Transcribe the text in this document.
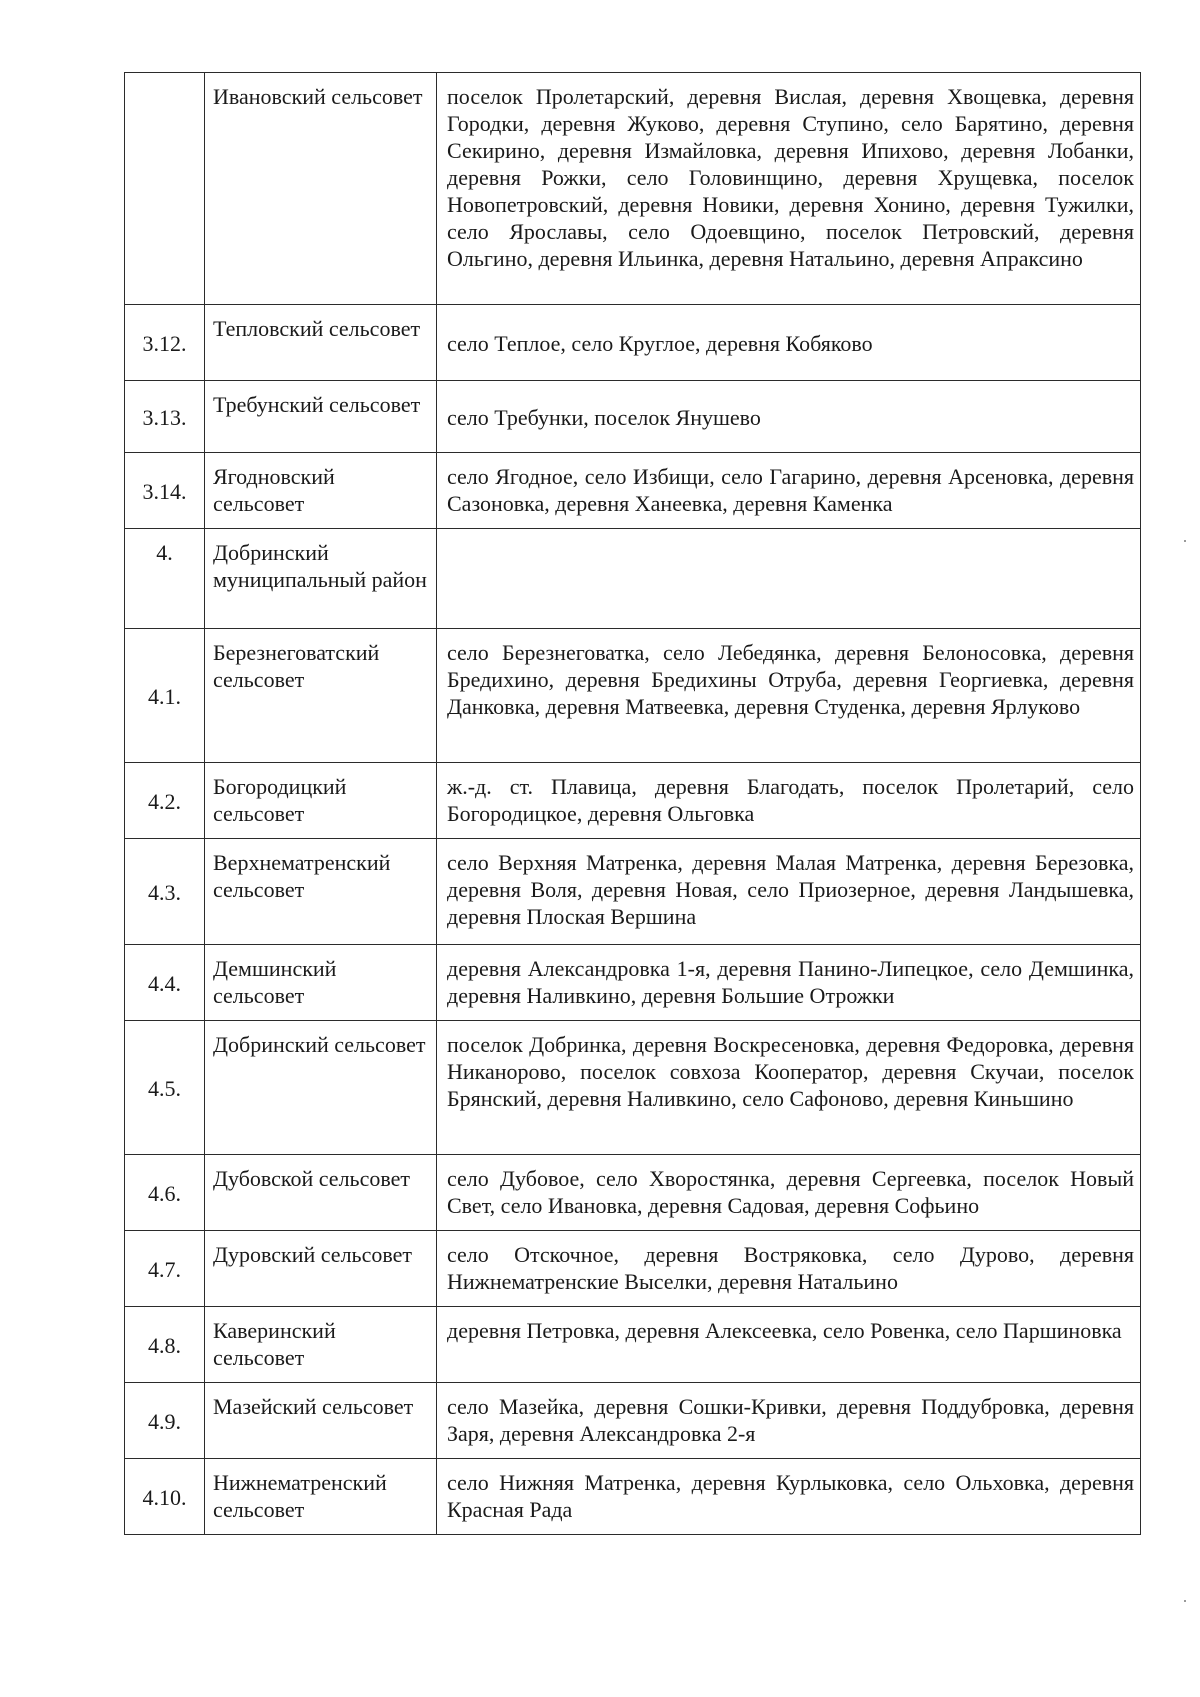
	Ивановский сельсовет	поселок Пролетарский, деревня Вислая, деревня Хвощевка, деревня Городки, деревня Жуково, деревня Ступино, село Барятино, деревня Секирино, деревня Измайловка, деревня Ипихово, деревня Лобанки, деревня Рожки, село Головинщино, деревня Хрущевка, поселок Новопетровский, деревня Новики, деревня Хонино, деревня Тужилки, село Ярославы, село Одоевщино, поселок Петровский, деревня Ольгино, деревня Ильинка, деревня Натальино, деревня Апраксино
3.12.	Тепловский сельсовет	село Теплое, село Круглое, деревня Кобяково
3.13.	Требунский сельсовет	село Требунки, поселок Янушево
3.14.	Ягодновский сельсовет	село Ягодное, село Избищи, село Гагарино, деревня Арсеновка, деревня Сазоновка, деревня Ханеевка, деревня Каменка
4.	Добринский муниципальный район	
4.1.	Березнеговатский сельсовет	село Березнеговатка, село Лебедянка, деревня Белоносовка, деревня Бредихино, деревня Бредихины Отруба, деревня Георгиевка, деревня Данковка, деревня Матвеевка, деревня Студенка, деревня Ярлуково
4.2.	Богородицкий сельсовет	ж.-д. ст. Плавица, деревня Благодать, поселок Пролетарий, село Богородицкое, деревня Ольговка
4.3.	Верхнематренский сельсовет	село Верхняя Матренка, деревня Малая Матренка, деревня Березовка, деревня Воля, деревня Новая, село Приозерное, деревня Ландышевка, деревня Плоская Вершина
4.4.	Демшинский сельсовет	деревня Александровка 1-я, деревня Панино-Липецкое, село Демшинка, деревня Наливкино, деревня Большие Отрожки
4.5.	Добринский сельсовет	поселок Добринка, деревня Воскресеновка, деревня Федоровка, деревня Никанорово, поселок совхоза Кооператор, деревня Скучаи, поселок Брянский, деревня Наливкино, село Сафоново, деревня Киньшино
4.6.	Дубовской сельсовет	село Дубовое, село Хворостянка, деревня Сергеевка, поселок Новый Свет, село Ивановка, деревня Садовая, деревня Софьино
4.7.	Дуровский сельсовет	село Отскочное, деревня Востряковка, село Дурово, деревня Нижнематренские Выселки, деревня Натальино
4.8.	Каверинский сельсовет	деревня Петровка, деревня Алексеевка, село Ровенка, село Паршиновка
4.9.	Мазейский сельсовет	село Мазейка, деревня Сошки-Кривки, деревня Поддубровка, деревня Заря, деревня Александровка 2-я
4.10.	Нижнематренский сельсовет	село Нижняя Матренка, деревня Курлыковка, село Ольховка, деревня Красная Рада
